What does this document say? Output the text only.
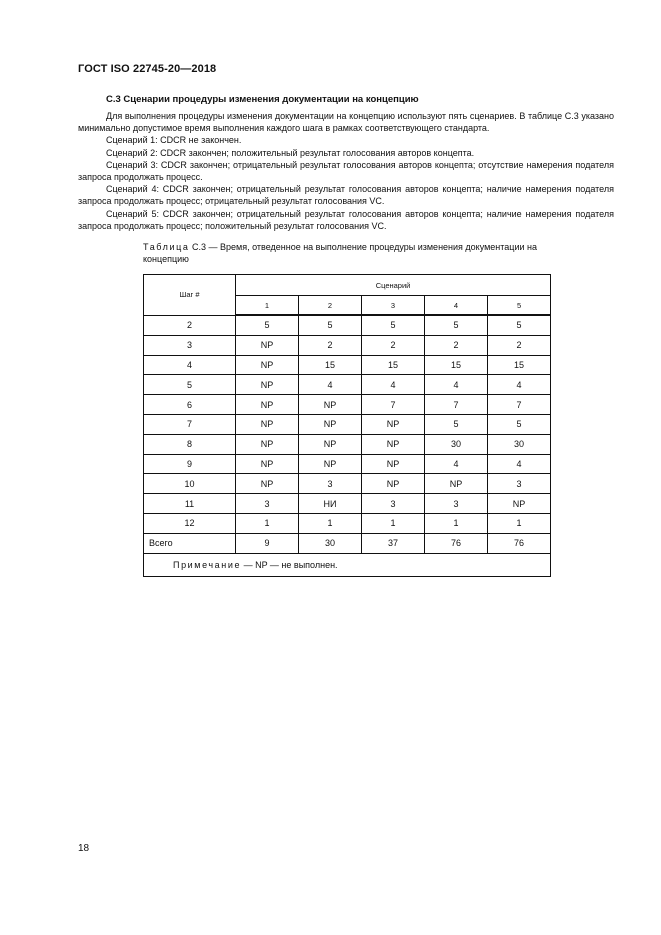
ГОСТ ISO 22745-20—2018
С.3 Сценарии процедуры изменения документации на концепцию

Для выполнения процедуры изменения документации на концепцию используют пять сценариев. В таблице С.3 указано минимально допустимое время выполнения каждого шага в рамках соответствующего стандарта.

Сценарий 1: CDCR не закончен.

Сценарий 2: CDCR закончен; положительный результат голосования авторов концепта.

Сценарий 3: CDCR закончен; отрицательный результат голосования авторов концепта; отсутствие намерения подателя запроса продолжать процесс.

Сценарий 4: CDCR закончен; отрицательный результат голосования авторов концепта; наличие намерения подателя запроса продолжать процесс; отрицательный результат голосования VC.

Сценарий 5: CDCR закончен; отрицательный результат голосования авторов концепта; наличие намерения подателя запроса продолжать процесс; положительный результат голосования VC.

Таблица С.3 — Время, отведенное на выполнение процедуры изменения документации на концепцию
Шаг #	Сценарий				
	1	2	3	4	5
2	5	5	5	5	5
3	NP	2	2	2	2
4	NP	15	15	15	15
5	NP	4	4	4	4
6	NP	NP	7	7	7
7	NP	NP	NP	5	5
8	NP	NP	NP	30	30
9	NP	NP	NP	4	4
10	NP	3	NP	NP	3
11	3	НИ	3	3	NP
12	1	1	1	1	1
Всего	9	30	37	76	76
Примечание — NP — не выполнен.					
18
